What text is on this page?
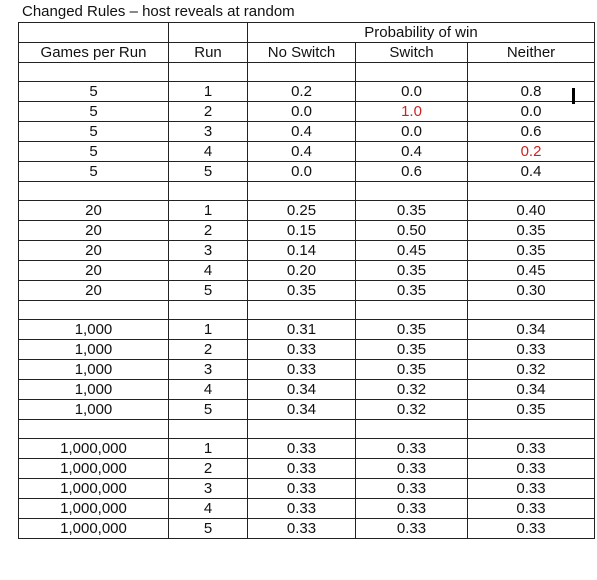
Changed Rules – host reveals at random
		Probability of win		
Games per Run	Run	No Switch	Switch	Neither

5	1	0.2	0.0	0.8
5	2	0.0	1.0	0.0
5	3	0.4	0.0	0.6
5	4	0.4	0.4	0.2
5	5	0.0	0.6	0.4

20	1	0.25	0.35	0.40
20	2	0.15	0.50	0.35
20	3	0.14	0.45	0.35
20	4	0.20	0.35	0.45
20	5	0.35	0.35	0.30

1,000	1	0.31	0.35	0.34
1,000	2	0.33	0.35	0.33
1,000	3	0.33	0.35	0.32
1,000	4	0.34	0.32	0.34
1,000	5	0.34	0.32	0.35

1,000,000	1	0.33	0.33	0.33
1,000,000	2	0.33	0.33	0.33
1,000,000	3	0.33	0.33	0.33
1,000,000	4	0.33	0.33	0.33
1,000,000	5	0.33	0.33	0.33
